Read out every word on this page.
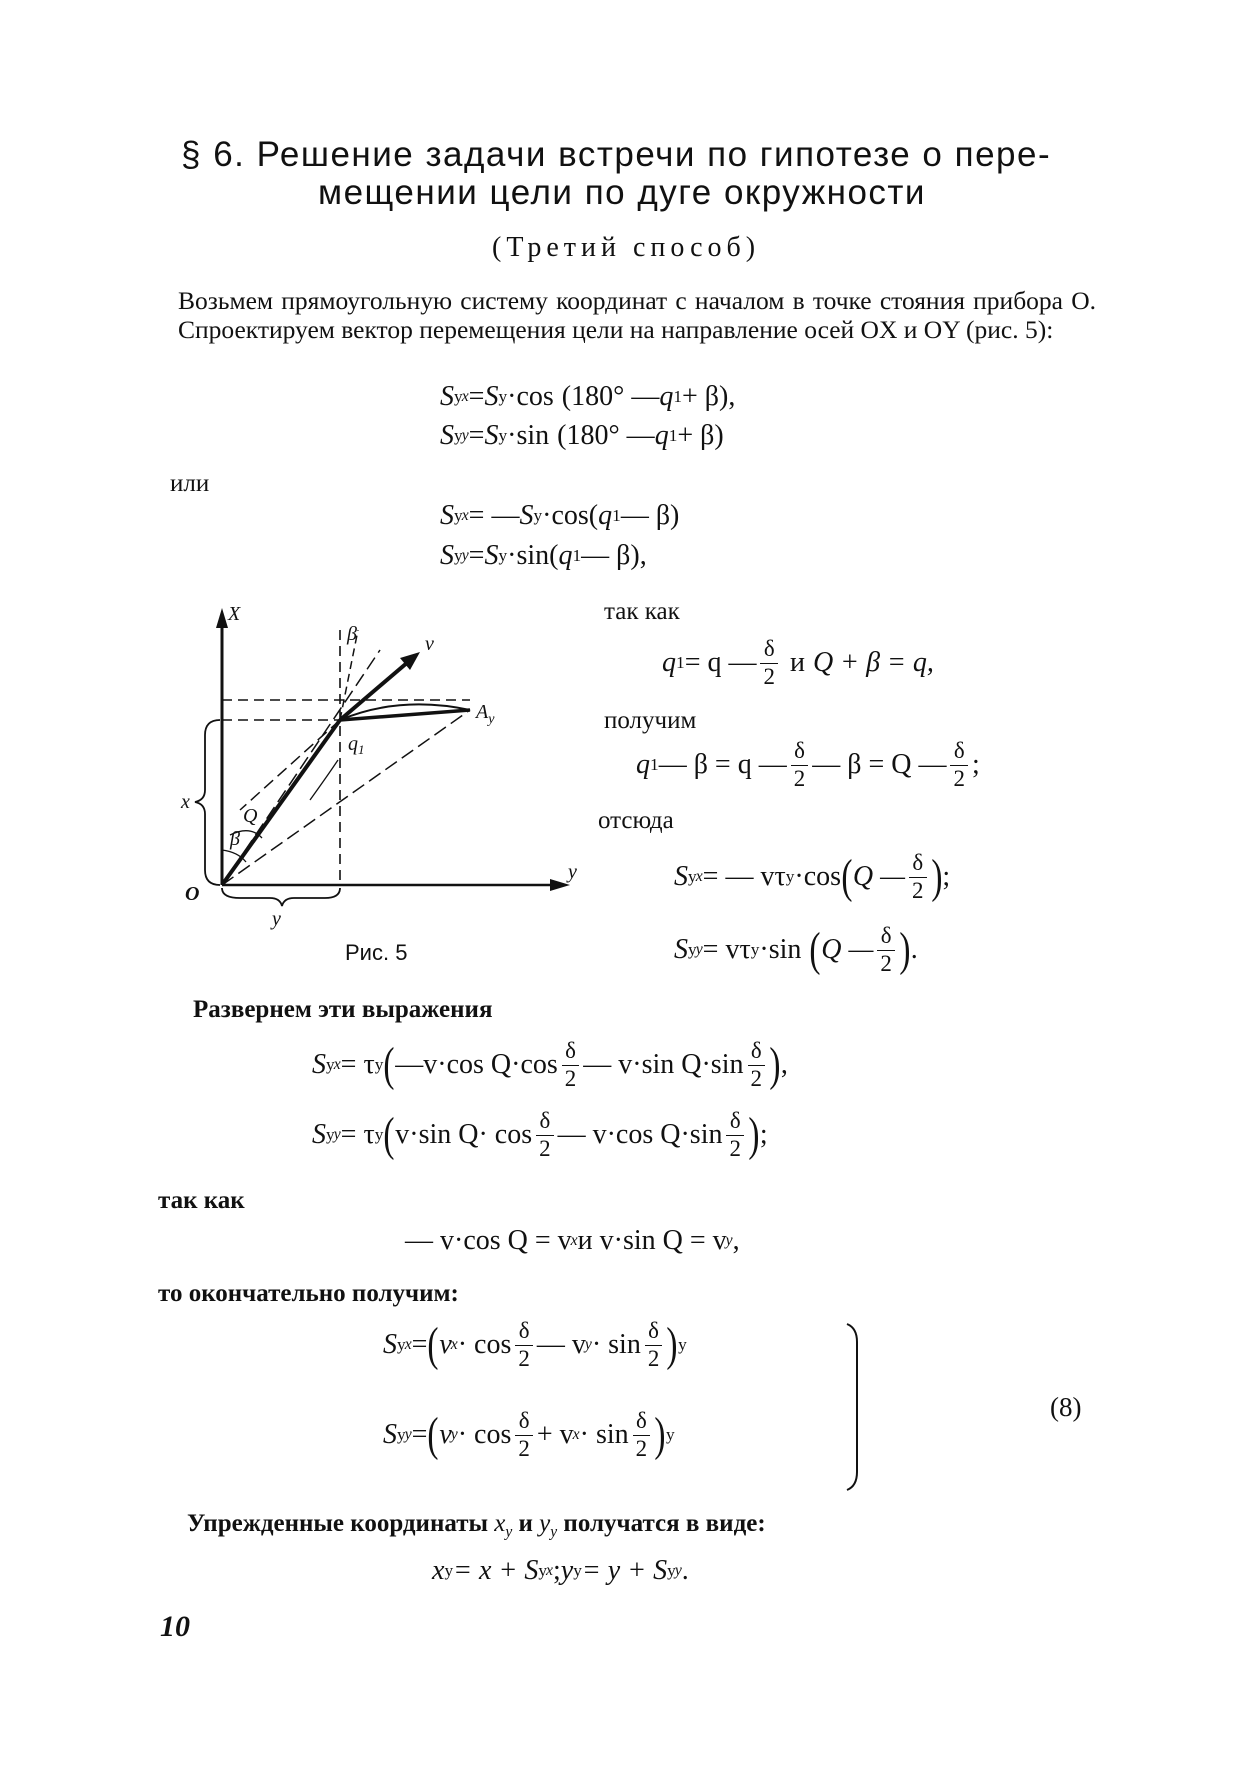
§ 6. Решение задачи встречи по гипотезе о пере-
мещении цели по дуге окружности
(Третий способ)
Возьмем прямоугольную систему координат с началом в точке стояния прибора O. Спроектируем вектор перемещения цели на направление осей OX и OY (рис. 5):
S у x = S у · cos (180° — q 1 + β),
S у y = S у · sin (180° — q 1 + β)
или
S у x = — S у · cos ( q 1 — β)
S у y = S у · sin ( q 1 — β),
X
y
O
β	v
$A_y$
$q_1$
Q
β
x
y
Рис. 5
так как
q 1 = q — $\frac{\delta}{2}$ и Q + β = q,
получим
q 1 — β = q — $\frac{\delta}{2}$ — β = Q — $\frac{\delta}{2}$ ;
отсюда
S у x = — vτ у · cos ( Q — $\frac{\delta}{2}$ ) ;
S у y = vτ у · sin ( Q — $\frac{\delta}{2}$ ) .
Развернем эти выражения
S у x = τ у ( —v·cos $Q\cdot\cos \frac{\delta}{2}$ — v·sin $Q\cdot\sin \frac{\delta}{2}$ ) ,
S у y = τ у ( v·sin $Q\cdot \cos \frac{\delta}{2}$ — v·cos $Q\cdot\sin \frac{\delta}{2}$ ) ;
так как
— v·cos Q = v x и v·sin Q = v y ,
то окончательно получим:
S у x = ( v $x \cdot \cos \frac{\delta}{2}$ — v $y \cdot \sin \frac{\delta}{2}$ ) у
S у y = ( v $y \cdot \cos \frac{\delta}{2} + v$ $x \cdot \sin \frac{\delta}{2}$ ) у
(8)
Упрежденные координаты $x_у$ и $y_у$ получатся в виде:
x у = x + S у x ; y у = y + S у y .
10
